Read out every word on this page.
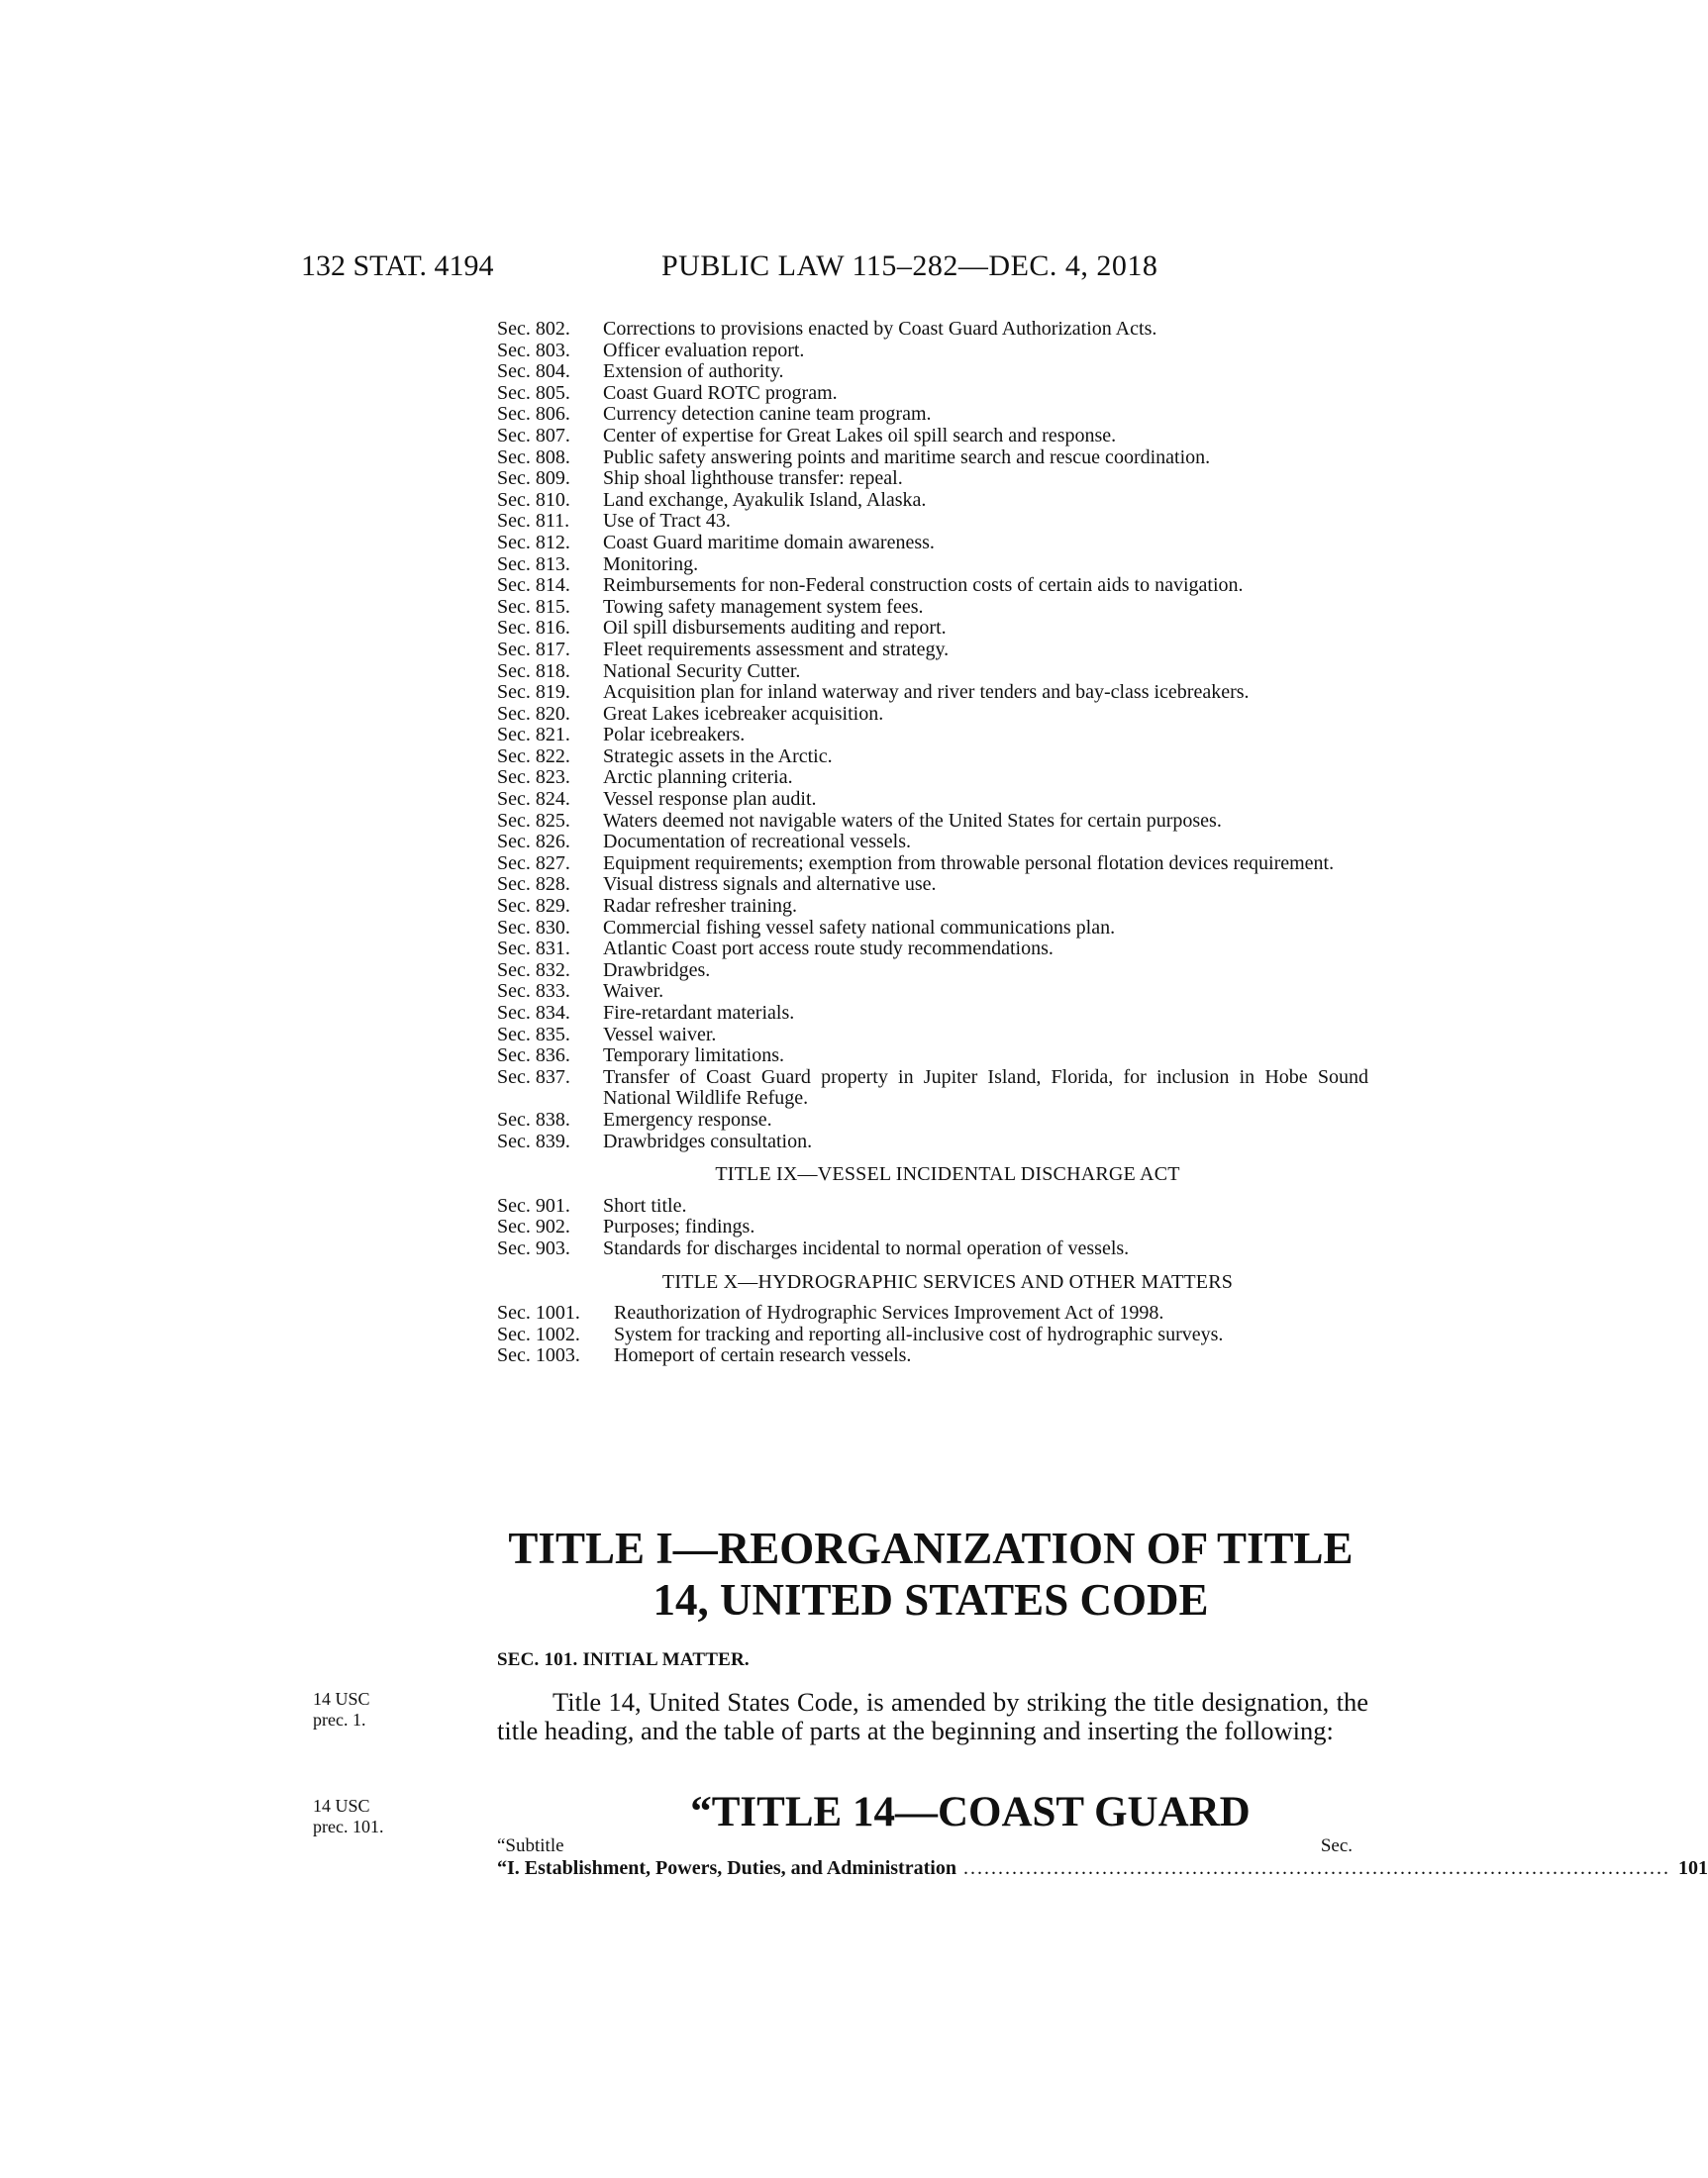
132 STAT. 4194	PUBLIC LAW 115–282—DEC. 4, 2018
Sec. 802.	Corrections to provisions enacted by Coast Guard Authorization Acts.
Sec. 803.	Officer evaluation report.
Sec. 804.	Extension of authority.
Sec. 805.	Coast Guard ROTC program.
Sec. 806.	Currency detection canine team program.
Sec. 807.	Center of expertise for Great Lakes oil spill search and response.
Sec. 808.	Public safety answering points and maritime search and rescue coordination.
Sec. 809.	Ship shoal lighthouse transfer: repeal.
Sec. 810.	Land exchange, Ayakulik Island, Alaska.
Sec. 811.	Use of Tract 43.
Sec. 812.	Coast Guard maritime domain awareness.
Sec. 813.	Monitoring.
Sec. 814.	Reimbursements for non-Federal construction costs of certain aids to navigation.
Sec. 815.	Towing safety management system fees.
Sec. 816.	Oil spill disbursements auditing and report.
Sec. 817.	Fleet requirements assessment and strategy.
Sec. 818.	National Security Cutter.
Sec. 819.	Acquisition plan for inland waterway and river tenders and bay-class icebreakers.
Sec. 820.	Great Lakes icebreaker acquisition.
Sec. 821.	Polar icebreakers.
Sec. 822.	Strategic assets in the Arctic.
Sec. 823.	Arctic planning criteria.
Sec. 824.	Vessel response plan audit.
Sec. 825.	Waters deemed not navigable waters of the United States for certain purposes.
Sec. 826.	Documentation of recreational vessels.
Sec. 827.	Equipment requirements; exemption from throwable personal flotation devices requirement.
Sec. 828.	Visual distress signals and alternative use.
Sec. 829.	Radar refresher training.
Sec. 830.	Commercial fishing vessel safety national communications plan.
Sec. 831.	Atlantic Coast port access route study recommendations.
Sec. 832.	Drawbridges.
Sec. 833.	Waiver.
Sec. 834.	Fire-retardant materials.
Sec. 835.	Vessel waiver.
Sec. 836.	Temporary limitations.
Sec. 837.	Transfer of Coast Guard property in Jupiter Island, Florida, for inclusion in Hobe Sound National Wildlife Refuge.
Sec. 838.	Emergency response.
Sec. 839.	Drawbridges consultation.
TITLE IX—VESSEL INCIDENTAL DISCHARGE ACT
Sec. 901.	Short title.
Sec. 902.	Purposes; findings.
Sec. 903.	Standards for discharges incidental to normal operation of vessels.
TITLE X—HYDROGRAPHIC SERVICES AND OTHER MATTERS
Sec. 1001.	Reauthorization of Hydrographic Services Improvement Act of 1998.
Sec. 1002.	System for tracking and reporting all-inclusive cost of hydrographic surveys.
Sec. 1003.	Homeport of certain research vessels.
TITLE I—REORGANIZATION OF TITLE
14, UNITED STATES CODE
SEC. 101. INITIAL MATTER.
14 USC
prec. 1.
Title 14, United States Code, is amended by striking the title designation, the title heading, and the table of parts at the beginning and inserting the following:
14 USC
prec. 101.	“TITLE 14—COAST GUARD
“Subtitle	Sec.
“I. Establishment, Powers, Duties, and Administration ...................................................................................................... 101
